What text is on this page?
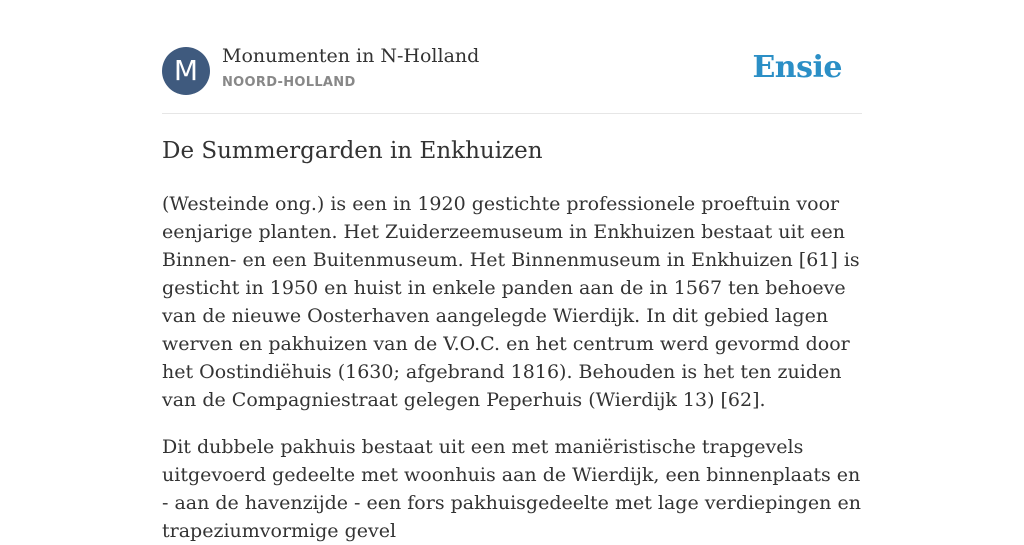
M	Monumenten in N-Holland
NOORD-HOLLAND	Ensie
De Summergarden in Enkhuizen

(Westeinde ong.) is een in 1920 gestichte professionele proeftuin voor eenjarige planten. Het Zuiderzeemuseum in Enkhuizen bestaat uit een Binnen- en een Buitenmuseum. Het Binnenmuseum in Enkhuizen [61] is gesticht in 1950 en huist in enkele panden aan de in 1567 ten behoeve van de nieuwe Oosterhaven aangelegde Wierdijk. In dit gebied lagen werven en pakhuizen van de V.O.C. en het centrum werd gevormd door het Oostindiëhuis (1630; afgebrand 1816). Behouden is het ten zuiden van de Compagniestraat gelegen Peperhuis (Wierdijk 13) [62].

Dit dubbele pakhuis bestaat uit een met maniëristische trapgevels uitgevoerd gedeelte met woonhuis aan de Wierdijk, een binnenplaats en - aan de havenzijde - een fors pakhuisgedeelte met lage verdiepingen en trapeziumvormige gevel
